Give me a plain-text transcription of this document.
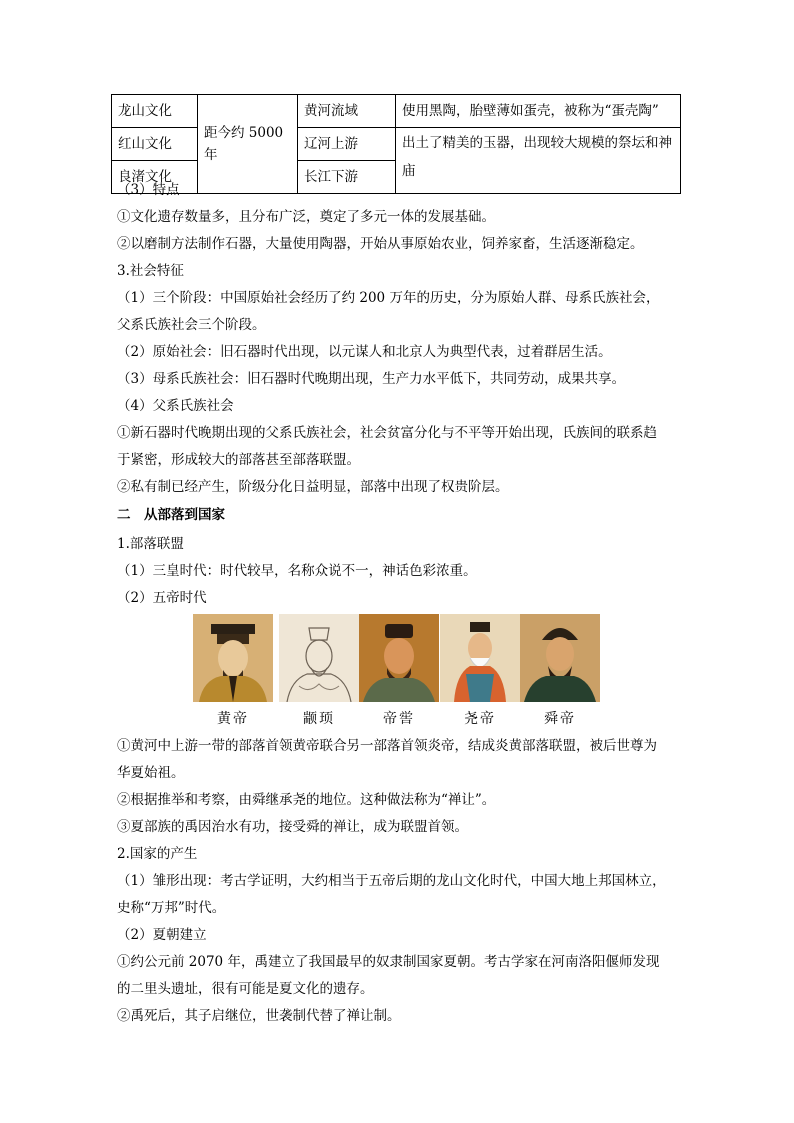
龙山文化	距今约 5000 年	黄河流域	使用黑陶，胎壁薄如蛋壳，被称为“蛋壳陶”
红山文化		辽河上游	出土了精美的玉器，出现较大规模的祭坛和神庙
良渚文化		长江下游	
（3）特点
①文化遗存数量多，且分布广泛，奠定了多元一体的发展基础。
②以磨制方法制作石器，大量使用陶器，开始从事原始农业，饲养家畜，生活逐渐稳定。
3.社会特征
（1）三个阶段：中国原始社会经历了约 200 万年的历史，分为原始人群、母系氏族社会，
父系氏族社会三个阶段。
（2）原始社会：旧石器时代出现，以元谋人和北京人为典型代表，过着群居生活。
（3）母系氏族社会：旧石器时代晚期出现，生产力水平低下，共同劳动，成果共享。
（4）父系氏族社会
①新石器时代晚期出现的父系氏族社会，社会贫富分化与不平等开始出现，氏族间的联系趋
于紧密，形成较大的部落甚至部落联盟。
②私有制已经产生，阶级分化日益明显，部落中出现了权贵阶层。
二　从部落到国家
1.部落联盟
（1）三皇时代：时代较早，名称众说不一，神话色彩浓重。
（2）五帝时代
黄帝	颛顼	帝喾	尧帝	舜帝
①黄河中上游一带的部落首领黄帝联合另一部落首领炎帝，结成炎黄部落联盟，被后世尊为
华夏始祖。
②根据推举和考察，由舜继承尧的地位。这种做法称为“禅让”。
③夏部族的禹因治水有功，接受舜的禅让，成为联盟首领。
2.国家的产生
（1）雏形出现：考古学证明，大约相当于五帝后期的龙山文化时代，中国大地上邦国林立，
史称“万邦”时代。
（2）夏朝建立
①约公元前 2070 年，禹建立了我国最早的奴隶制国家夏朝。考古学家在河南洛阳偃师发现
的二里头遗址，很有可能是夏文化的遗存。
②禹死后，其子启继位，世袭制代替了禅让制。
